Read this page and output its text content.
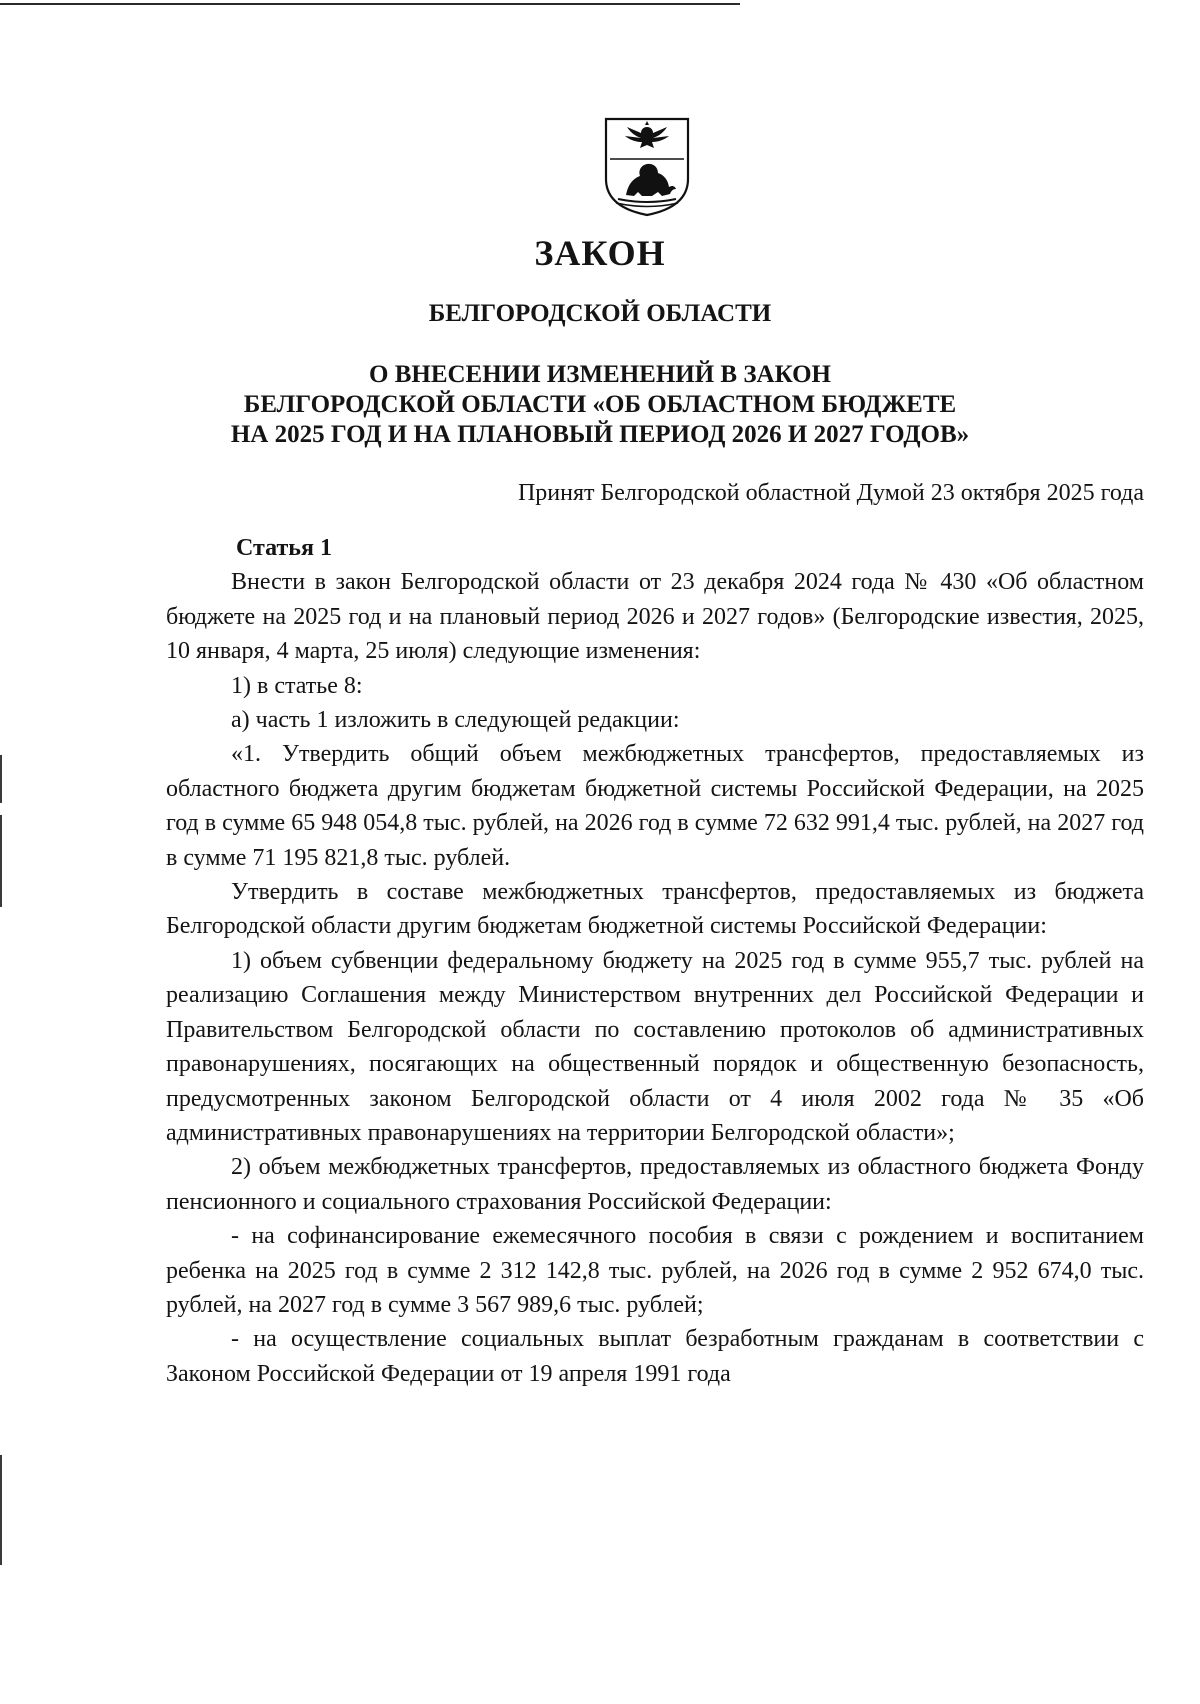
ЗАКОН
БЕЛГОРОДСКОЙ ОБЛАСТИ
О ВНЕСЕНИИ ИЗМЕНЕНИЙ В ЗАКОН
БЕЛГОРОДСКОЙ ОБЛАСТИ «ОБ ОБЛАСТНОМ БЮДЖЕТЕ
НА 2025 ГОД И НА ПЛАНОВЫЙ ПЕРИОД 2026 И 2027 ГОДОВ»
Принят Белгородской областной Думой 23 октября 2025 года

Статья 1

Внести в закон Белгородской области от 23 декабря 2024 года № 430 «Об областном бюджете на 2025 год и на плановый период 2026 и 2027 годов» (Белгородские известия, 2025, 10 января, 4 марта, 25 июля) следующие изменения:

1) в статье 8:

а) часть 1 изложить в следующей редакции:

«1. Утвердить общий объем межбюджетных трансфертов, предоставляемых из областного бюджета другим бюджетам бюджетной системы Российской Федерации, на 2025 год в сумме 65 948 054,8 тыс. рублей, на 2026 год в сумме 72 632 991,4 тыс. рублей, на 2027 год в сумме 71 195 821,8 тыс. рублей.

Утвердить в составе межбюджетных трансфертов, предоставляемых из бюджета Белгородской области другим бюджетам бюджетной системы Российской Федерации:

1) объем субвенции федеральному бюджету на 2025 год в сумме 955,7 тыс. рублей на реализацию Соглашения между Министерством внутренних дел Российской Федерации и Правительством Белгородской области по составлению протоколов об административных правонарушениях, посягающих на общественный порядок и общественную безопасность, предусмотренных законом Белгородской области от 4 июля 2002 года № 35 «Об административных правонарушениях на территории Белгородской области»;

2) объем межбюджетных трансфертов, предоставляемых из областного бюджета Фонду пенсионного и социального страхования Российской Федерации:

- на софинансирование ежемесячного пособия в связи с рождением и воспитанием ребенка на 2025 год в сумме 2 312 142,8 тыс. рублей, на 2026 год в сумме 2 952 674,0 тыс. рублей, на 2027 год в сумме 3 567 989,6 тыс. рублей;

- на осуществление социальных выплат безработным гражданам в соответствии с Законом Российской Федерации от 19 апреля 1991 года
